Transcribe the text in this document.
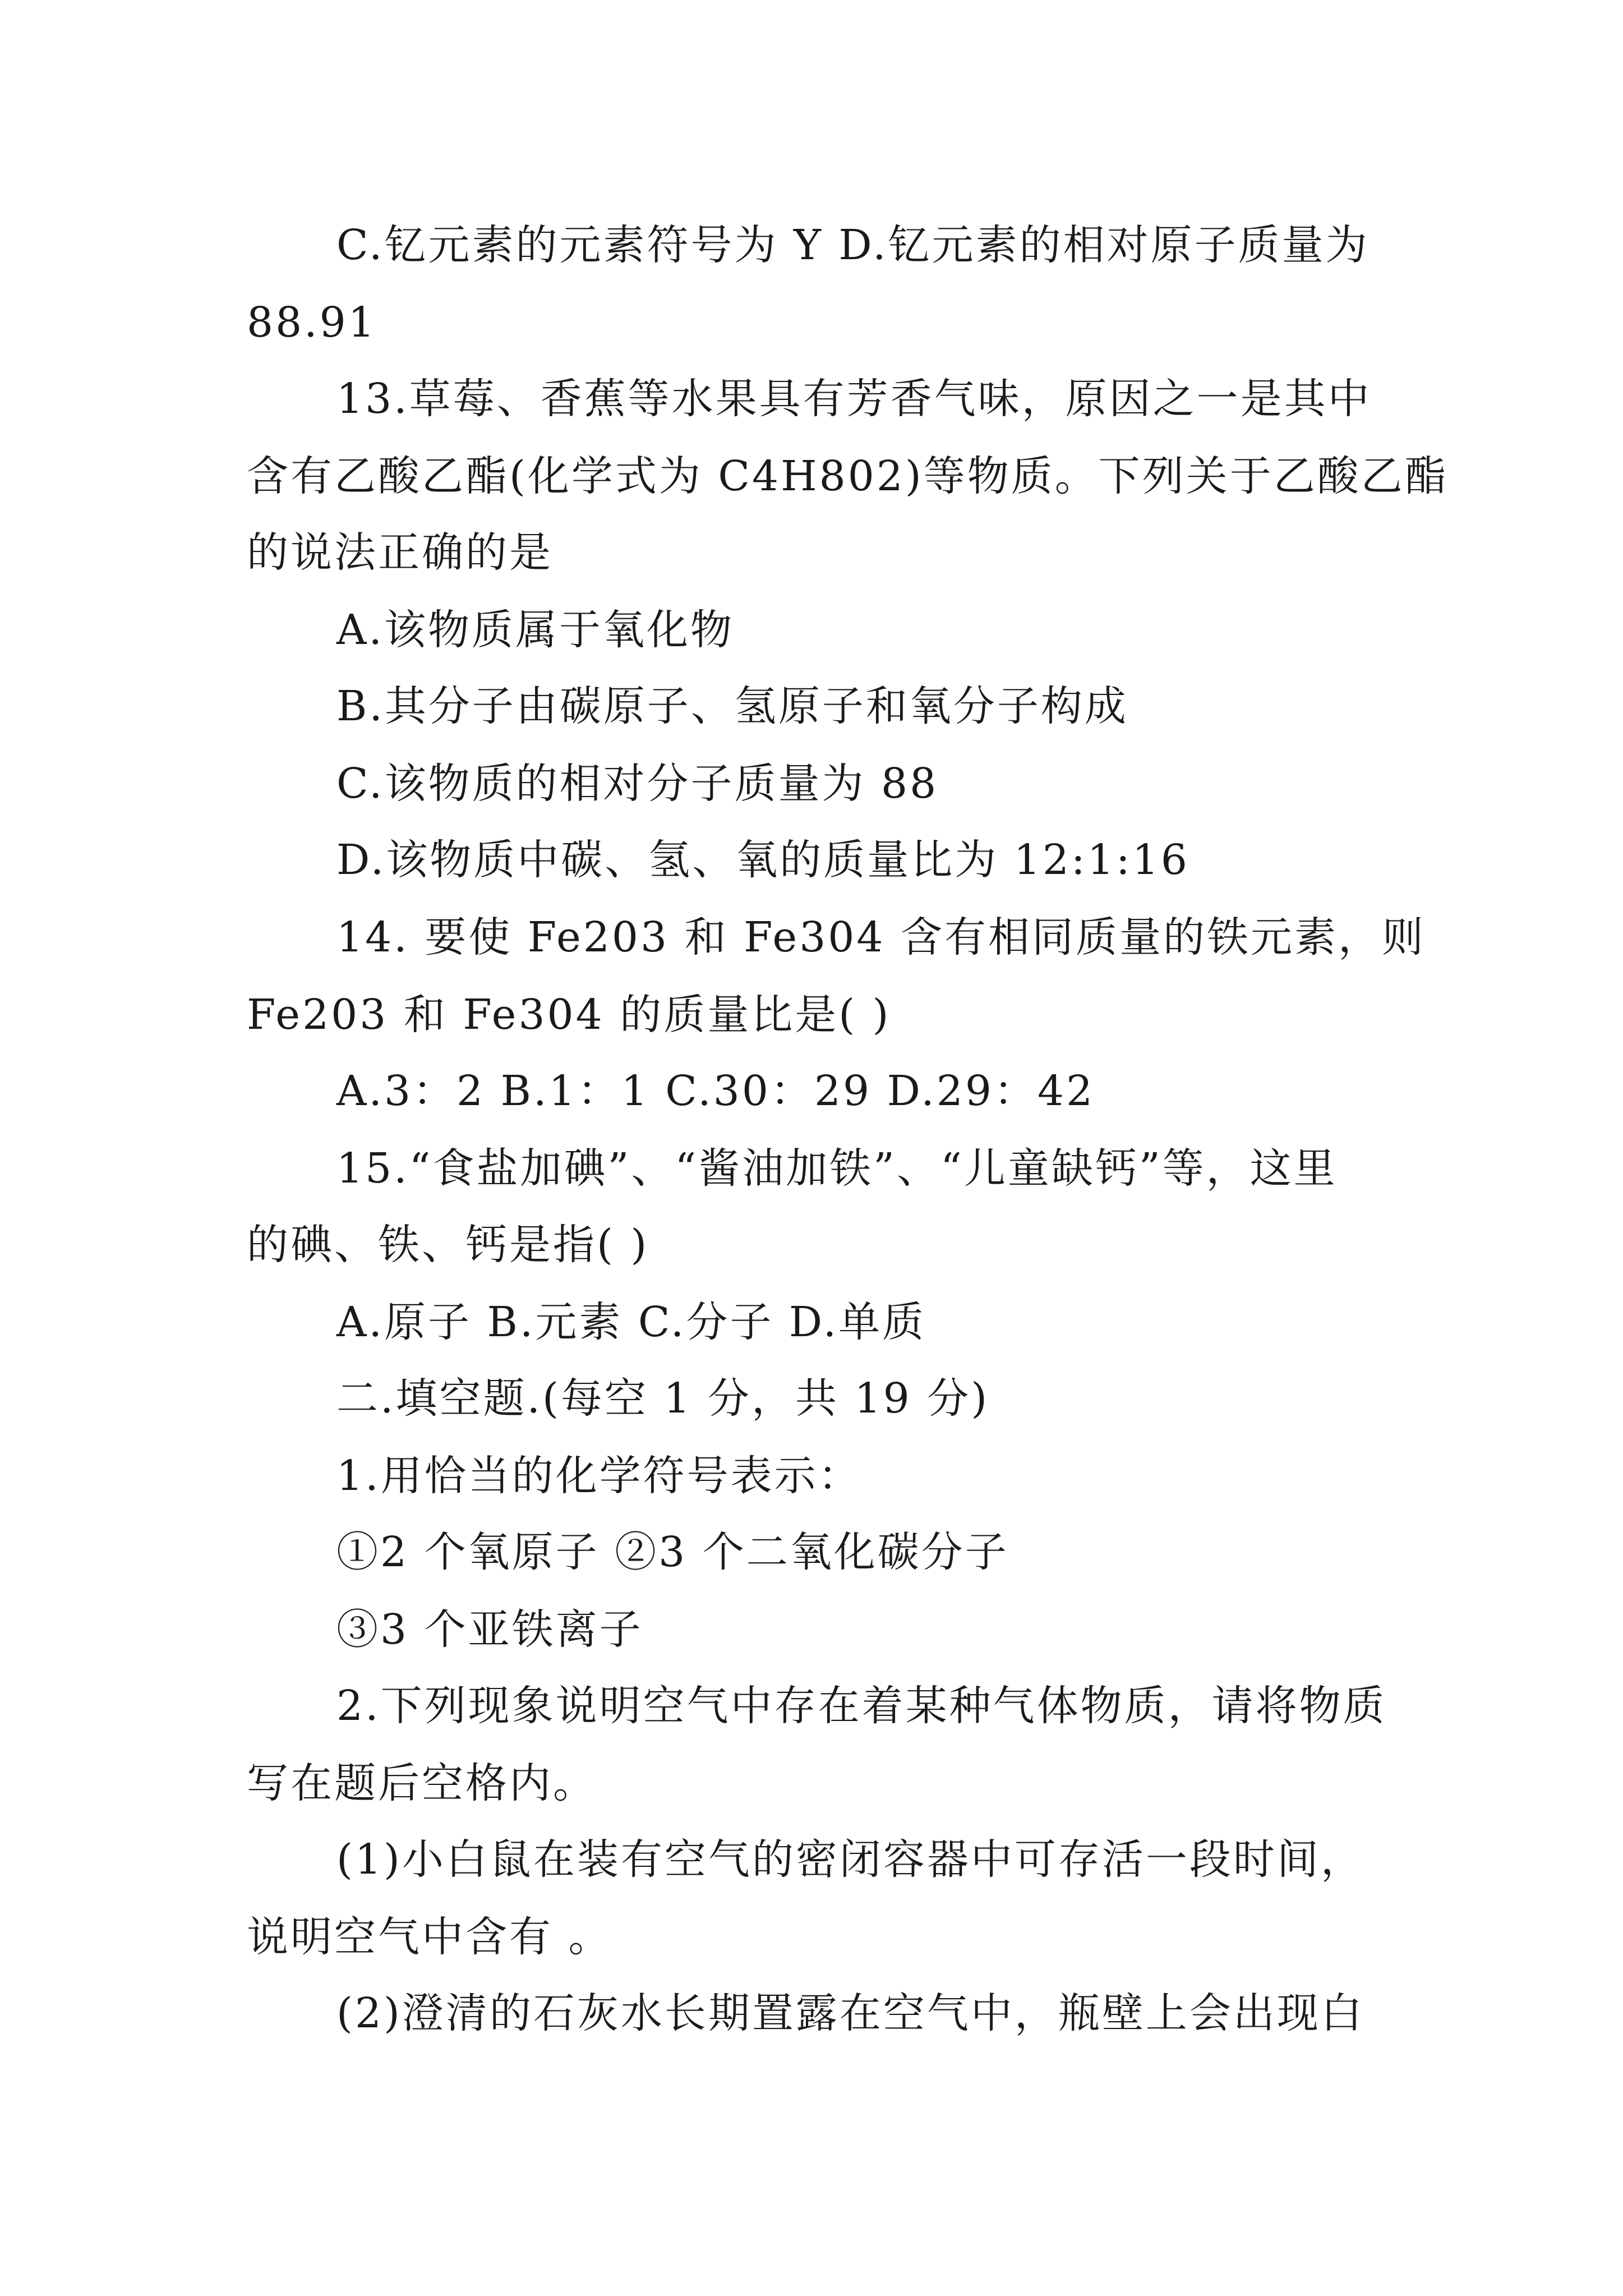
C.钇元素的元素符号为 Y D.钇元素的相对原子质量为
88.91
13.草莓、香蕉等水果具有芳香气味，原因之一是其中
含有乙酸乙酯(化学式为 C4H802)等物质。下列关于乙酸乙酯
的说法正确的是
A.该物质属于氧化物
B.其分子由碳原子、氢原子和氧分子构成
C.该物质的相对分子质量为 88
D.该物质中碳、氢、氧的质量比为 12:1:16
14. 要使 Fe203 和 Fe304 含有相同质量的铁元素，则
Fe203 和 Fe304 的质量比是( )
A.3：2 B.1：1 C.30：29 D.29：42
15.“食盐加碘”、“酱油加铁”、“儿童缺钙”等，这里
的碘、铁、钙是指( )
A.原子 B.元素 C.分子 D.单质
二.填空题.(每空 1 分，共 19 分)
1.用恰当的化学符号表示：
①2 个氧原子 ②3 个二氧化碳分子
③3 个亚铁离子
2.下列现象说明空气中存在着某种气体物质，请将物质
写在题后空格内。
(1)小白鼠在装有空气的密闭容器中可存活一段时间，
说明空气中含有 。
(2)澄清的石灰水长期置露在空气中，瓶壁上会出现白
